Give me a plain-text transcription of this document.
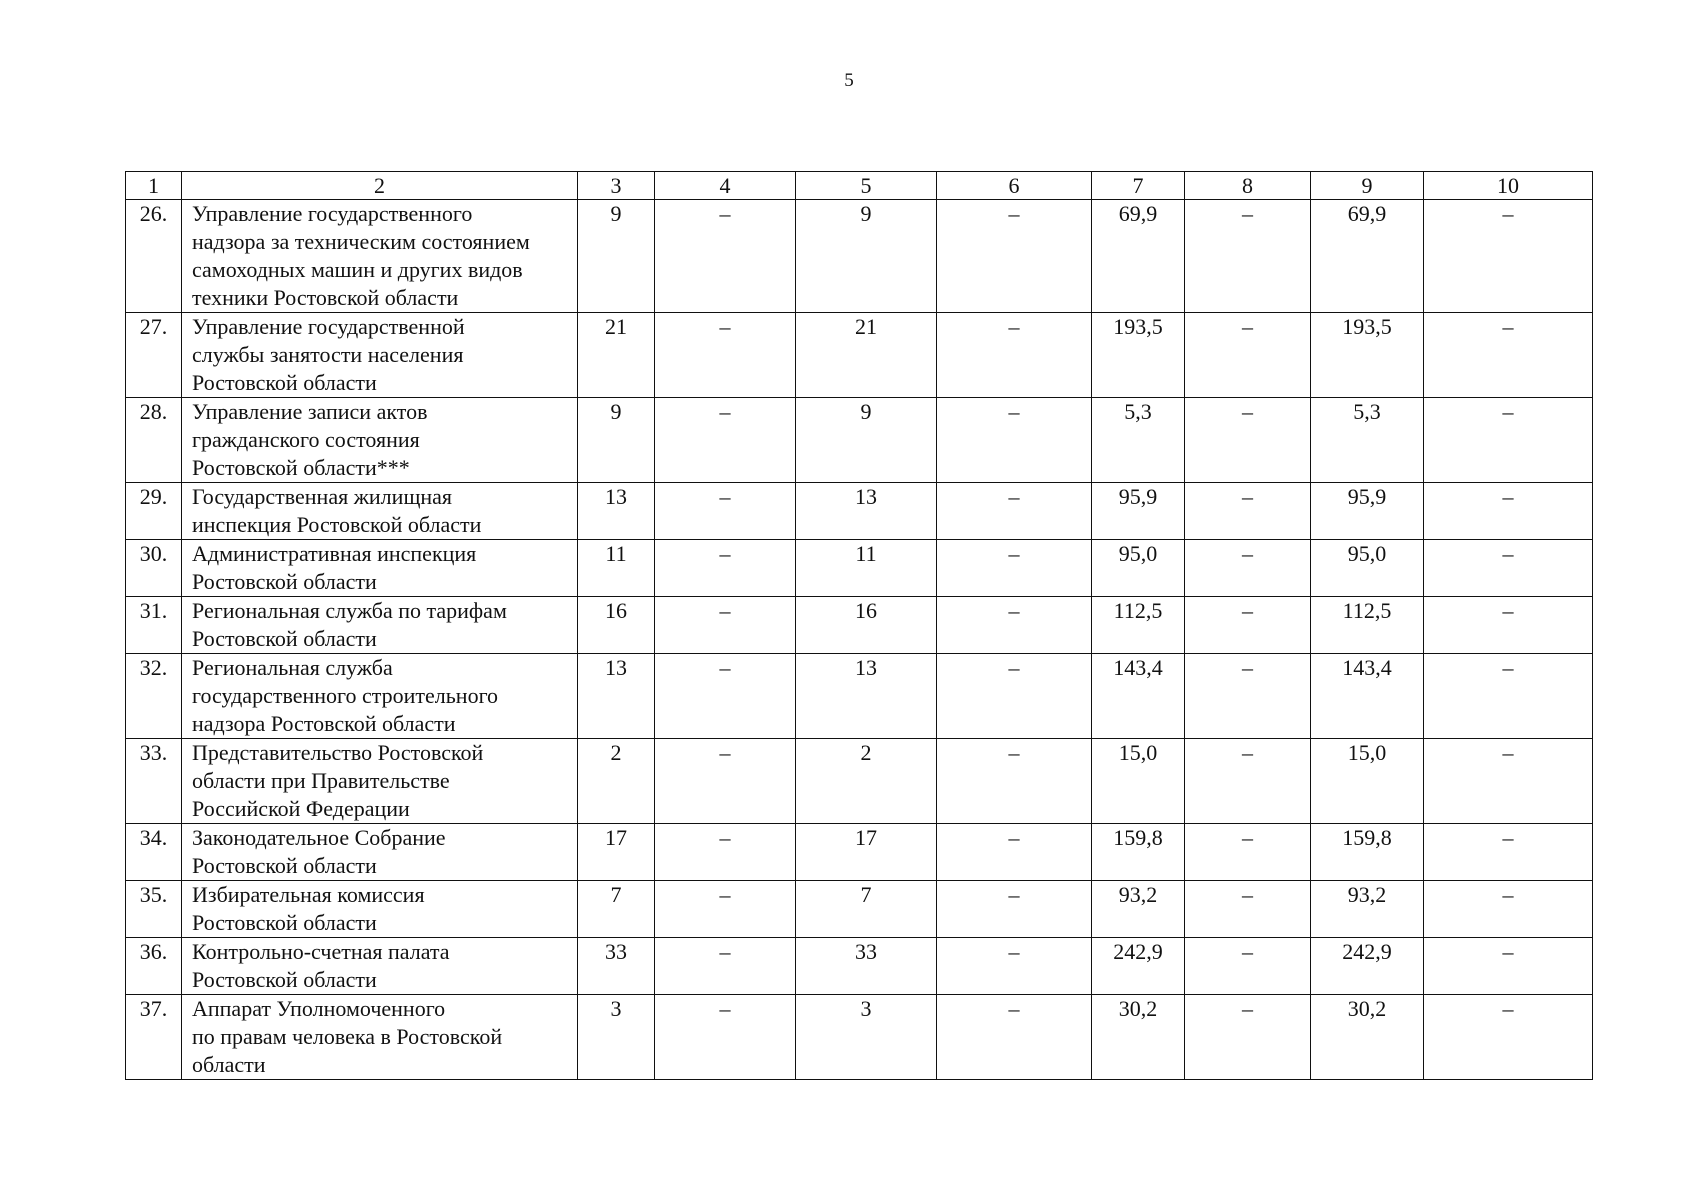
5
1	2	3	4	5	6	7	8	9	10
26.	Управление государственного
надзора за техническим состоянием
самоходных машин и других видов
техники Ростовской области	9	–	9	–	69,9	–	69,9	–
27.	Управление государственной
службы занятости населения
Ростовской области	21	–	21	–	193,5	–	193,5	–
28.	Управление записи актов
гражданского состояния
Ростовской области***	9	–	9	–	5,3	–	5,3	–
29.	Государственная жилищная
инспекция Ростовской области	13	–	13	–	95,9	–	95,9	–
30.	Административная инспекция
Ростовской области	11	–	11	–	95,0	–	95,0	–
31.	Региональная служба по тарифам
Ростовской области	16	–	16	–	112,5	–	112,5	–
32.	Региональная служба
государственного строительного
надзора Ростовской области	13	–	13	–	143,4	–	143,4	–
33.	Представительство Ростовской
области при Правительстве
Российской Федерации	2	–	2	–	15,0	–	15,0	–
34.	Законодательное Собрание
Ростовской области	17	–	17	–	159,8	–	159,8	–
35.	Избирательная комиссия
Ростовской области	7	–	7	–	93,2	–	93,2	–
36.	Контрольно-счетная палата
Ростовской области	33	–	33	–	242,9	–	242,9	–
37.	Аппарат Уполномоченного
по правам человека в Ростовской
области	3	–	3	–	30,2	–	30,2	–
